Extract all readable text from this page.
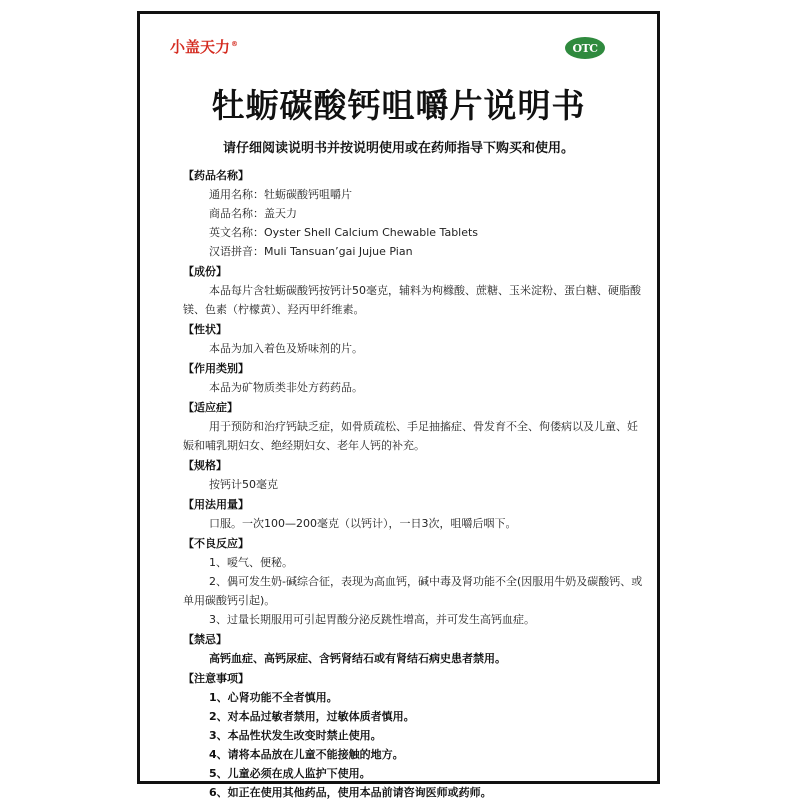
小盖天力®	OTC
牡蛎碳酸钙咀嚼片说明书
请仔细阅读说明书并按说明使用或在药师指导下购买和使用。
【药品名称】
通用名称：牡蛎碳酸钙咀嚼片
商品名称：盖天力
英文名称：Oyster Shell Calcium Chewable Tablets
汉语拼音：Muli Tansuan’gai Jujue Pian
【成份】
本品每片含牡蛎碳酸钙按钙计50毫克，辅料为枸橼酸、蔗糖、玉米淀粉、蛋白糖、硬脂酸镁、色素（柠檬黄）、羟丙甲纤维素。
【性状】
本品为加入着色及矫味剂的片。
【作用类别】
本品为矿物质类非处方药药品。
【适应症】
用于预防和治疗钙缺乏症，如骨质疏松、手足抽搐症、骨发育不全、佝偻病以及儿童、妊娠和哺乳期妇女、绝经期妇女、老年人钙的补充。
【规格】
按钙计50毫克
【用法用量】
口服。一次100—200毫克（以钙计），一日3次，咀嚼后咽下。
【不良反应】
1、嗳气、便秘。
2、偶可发生奶-碱综合征，表现为高血钙，碱中毒及肾功能不全(因服用牛奶及碳酸钙、或单用碳酸钙引起)。
3、过量长期服用可引起胃酸分泌反跳性增高，并可发生高钙血症。
【禁忌】
高钙血症、高钙尿症、含钙肾结石或有肾结石病史患者禁用。
【注意事项】
1、心肾功能不全者慎用。
2、对本品过敏者禁用，过敏体质者慎用。
3、本品性状发生改变时禁止使用。
4、请将本品放在儿童不能接触的地方。
5、儿童必须在成人监护下使用。
6、如正在使用其他药品，使用本品前请咨询医师或药师。
